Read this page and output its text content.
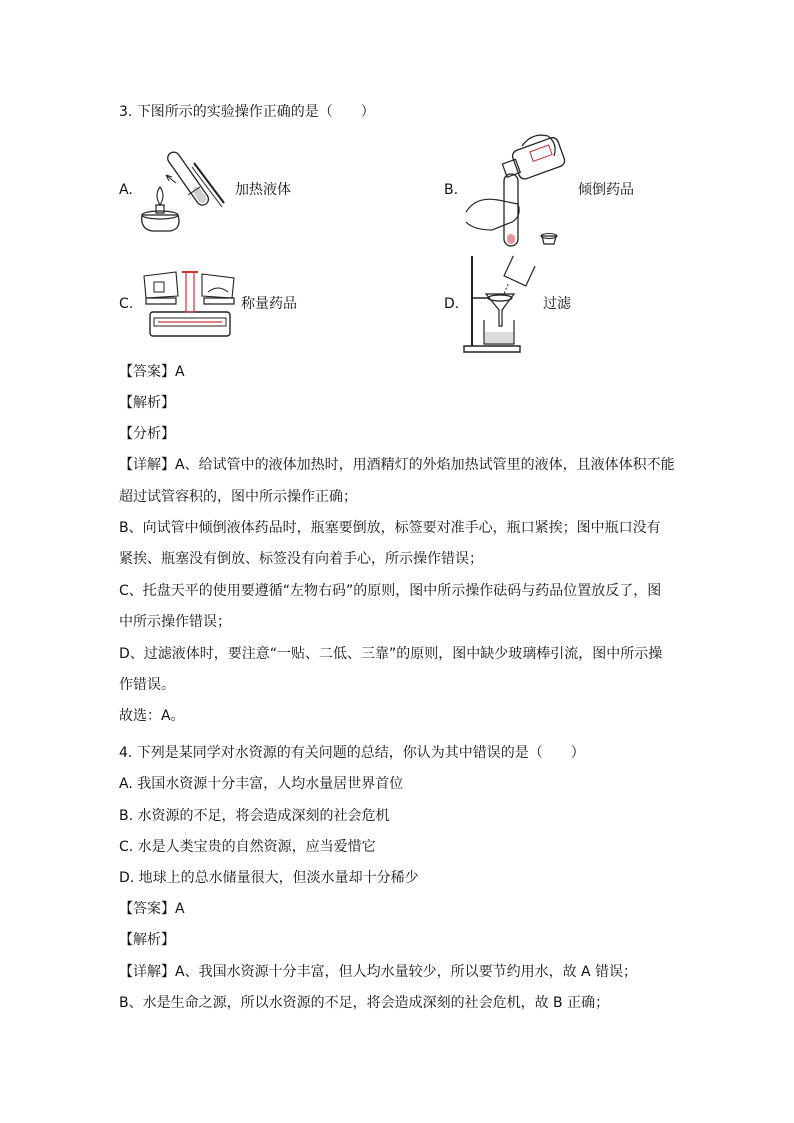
3. 下图所示的实验操作正确的是（　　）
A.	加热液体	B.	倾倒药品
C.	称量药品	D.	过滤
【答案】A
【解析】
【分析】
【详解】A、给试管中的液体加热时，用酒精灯的外焰加热试管里的液体，且液体体积不能
超过试管容积的，图中所示操作正确；
B、向试管中倾倒液体药品时，瓶塞要倒放，标签要对准手心，瓶口紧挨；图中瓶口没有
紧挨、瓶塞没有倒放、标签没有向着手心，所示操作错误；
C、托盘天平的使用要遵循“左物右码”的原则，图中所示操作砝码与药品位置放反了，图
中所示操作错误；
D、过滤液体时，要注意“一贴、二低、三靠”的原则，图中缺少玻璃棒引流，图中所示操
作错误。
故选：A。
4. 下列是某同学对水资源的有关问题的总结，你认为其中错误的是（　　）
A. 我国水资源十分丰富，人均水量居世界首位
B. 水资源的不足，将会造成深刻的社会危机
C. 水是人类宝贵的自然资源，应当爱惜它
D. 地球上的总水储量很大，但淡水量却十分稀少
【答案】A
【解析】
【详解】A、我国水资源十分丰富，但人均水量较少，所以要节约用水，故 A 错误；
B、水是生命之源，所以水资源的不足，将会造成深刻的社会危机，故 B 正确；
